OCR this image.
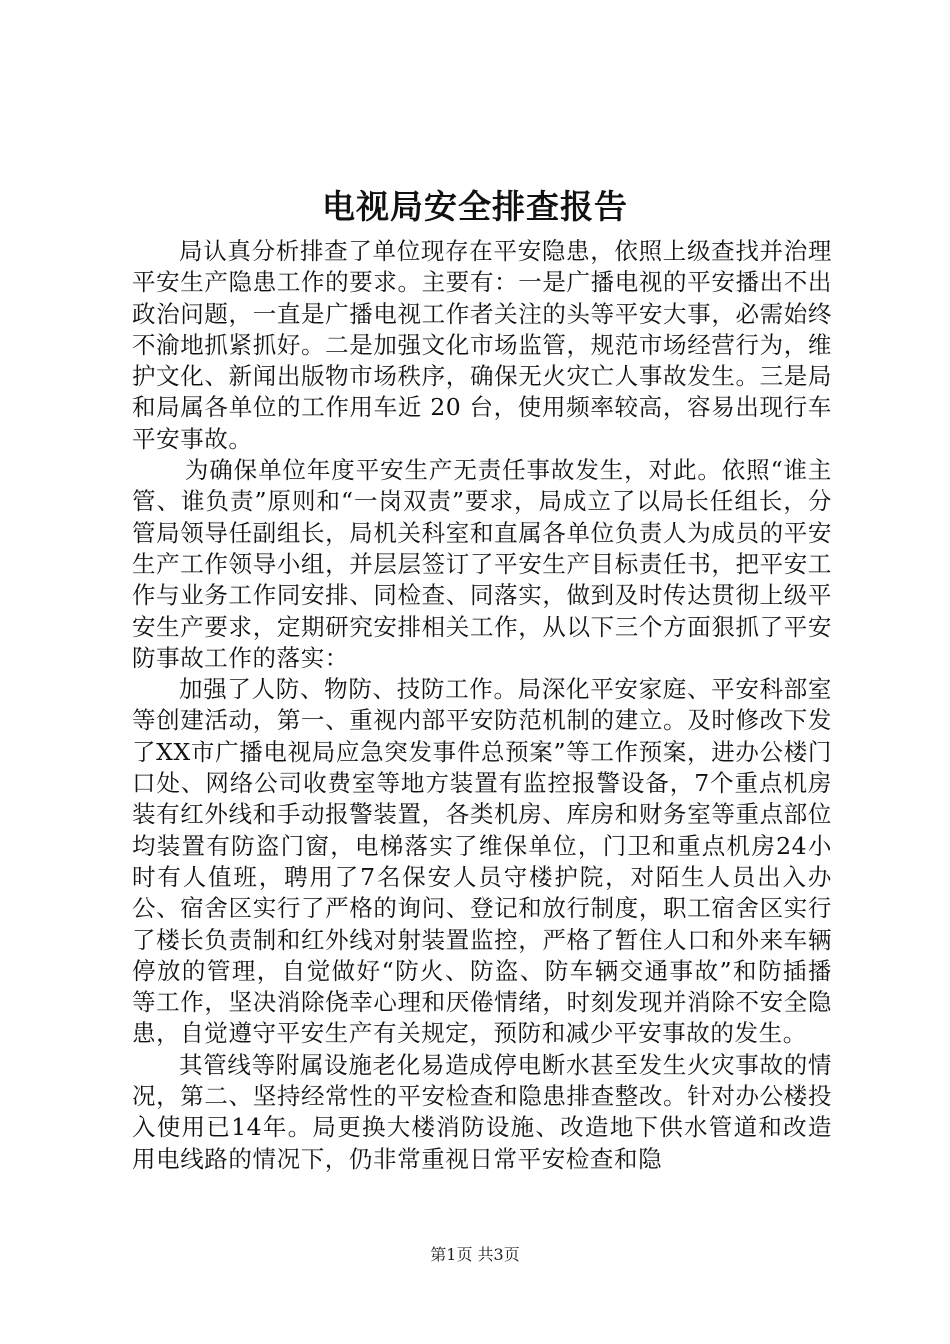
电视局安全排查报告

局认真分析排查了单位现存在平安隐患，依照上级查找并治理平安生产隐患工作的要求。主要有：一是广播电视的平安播出不出政治问题，一直是广播电视工作者关注的头等平安大事，必需始终不渝地抓紧抓好。二是加强文化市场监管，规范市场经营行为，维护文化、新闻出版物市场秩序，确保无火灾亡人事故发生。三是局和局属各单位的工作用车近 20 台，使用频率较高，容易出现行车平安事故。

为确保单位年度平安生产无责任事故发生，对此。依照“谁主管、谁负责”原则和“一岗双责”要求，局成立了以局长任组长，分管局领导任副组长，局机关科室和直属各单位负责人为成员的平安生产工作领导小组，并层层签订了平安生产目标责任书，把平安工作与业务工作同安排、同检查、同落实，做到及时传达贯彻上级平安生产要求，定期研究安排相关工作，从以下三个方面狠抓了平安防事故工作的落实：

加强了人防、物防、技防工作。局深化平安家庭、平安科部室等创建活动，第一、重视内部平安防范机制的建立。及时修改下发了XX市广播电视局应急突发事件总预案”等工作预案，进办公楼门口处、网络公司收费室等地方装置有监控报警设备，7个重点机房装有红外线和手动报警装置，各类机房、库房和财务室等重点部位均装置有防盗门窗，电梯落实了维保单位，门卫和重点机房24小时有人值班，聘用了7名保安人员守楼护院，对陌生人员出入办公、宿舍区实行了严格的询问、登记和放行制度，职工宿舍区实行了楼长负责制和红外线对射装置监控，严格了暂住人口和外来车辆停放的管理，自觉做好“防火、防盗、防车辆交通事故”和防插播等工作，坚决消除侥幸心理和厌倦情绪，时刻发现并消除不安全隐患，自觉遵守平安生产有关规定，预防和减少平安事故的发生。

其管线等附属设施老化易造成停电断水甚至发生火灾事故的情况，第二、坚持经常性的平安检查和隐患排查整改。针对办公楼投入使用已14年。局更换大楼消防设施、改造地下供水管道和改造用电线路的情况下，仍非常重视日常平安检查和隐

第1页 共3页
